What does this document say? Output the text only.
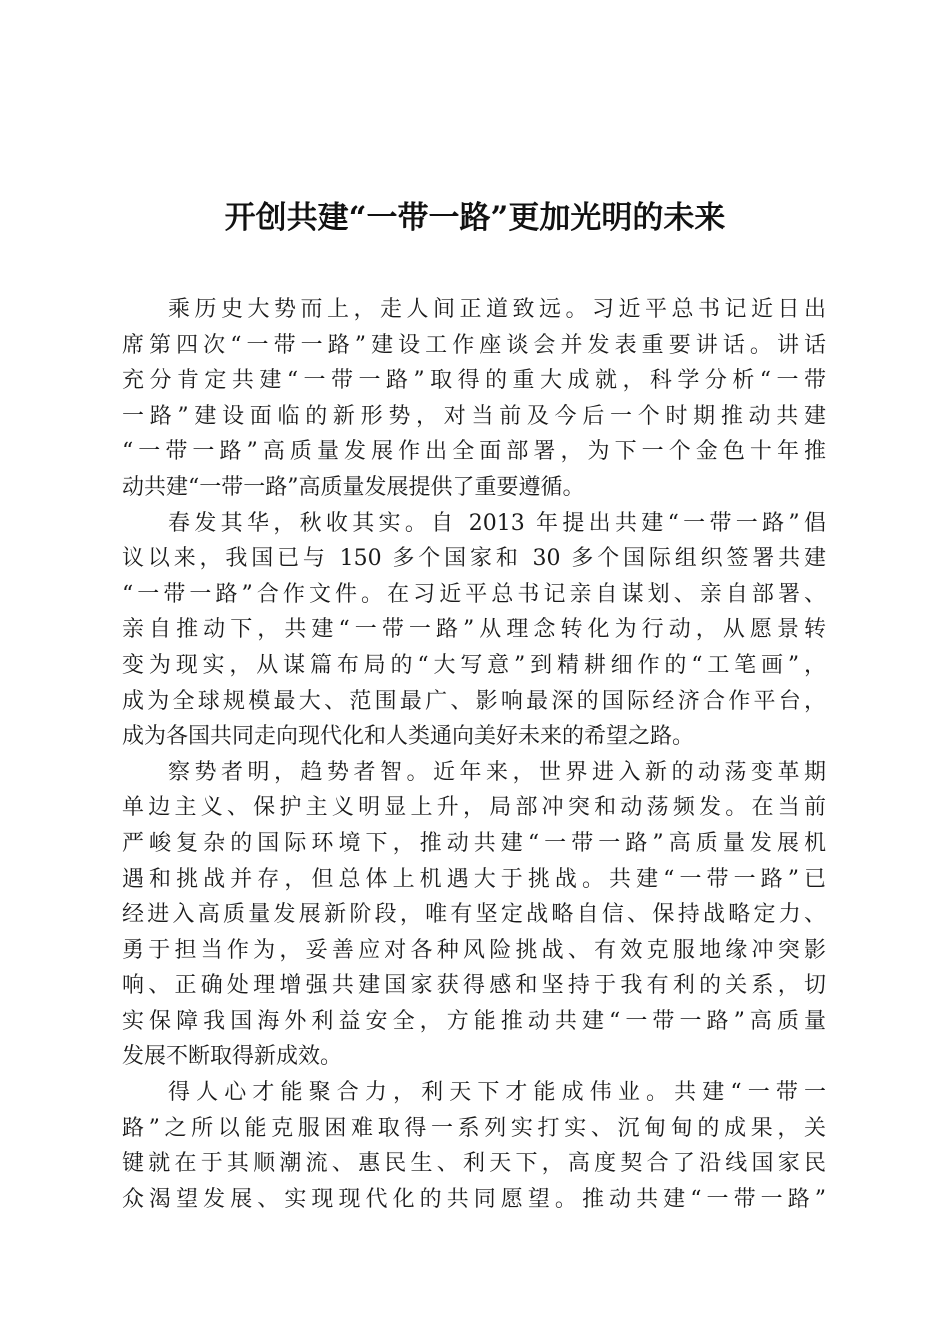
开创共建“一带一路”更加光明的未来
乘历史大势而上，走人间正道致远。习近平总书记近日出
席第四次“一带一路”建设工作座谈会并发表重要讲话。讲话
充分肯定共建“一带一路”取得的重大成就，科学分析“一带
一路”建设面临的新形势，对当前及今后一个时期推动共建
“一带一路”高质量发展作出全面部署，为下一个金色十年推
动共建“一带一路”高质量发展提供了重要遵循。
春发其华，秋收其实。自 2013 年提出共建“一带一路”倡
议以来，我国已与 150 多个国家和 30 多个国际组织签署共建
“一带一路”合作文件。在习近平总书记亲自谋划、亲自部署、
亲自推动下，共建“一带一路”从理念转化为行动，从愿景转
变为现实，从谋篇布局的“大写意”到精耕细作的“工笔画”，
成为全球规模最大、范围最广、影响最深的国际经济合作平台，
成为各国共同走向现代化和人类通向美好未来的希望之路。
察势者明，趋势者智。近年来，世界进入新的动荡变革期
单边主义、保护主义明显上升，局部冲突和动荡频发。在当前
严峻复杂的国际环境下，推动共建“一带一路”高质量发展机
遇和挑战并存，但总体上机遇大于挑战。共建“一带一路”已
经进入高质量发展新阶段，唯有坚定战略自信、保持战略定力、
勇于担当作为，妥善应对各种风险挑战、有效克服地缘冲突影
响、正确处理增强共建国家获得感和坚持于我有利的关系，切
实保障我国海外利益安全，方能推动共建“一带一路”高质量
发展不断取得新成效。
得人心才能聚合力，利天下才能成伟业。共建“一带一
路”之所以能克服困难取得一系列实打实、沉甸甸的成果，关
键就在于其顺潮流、惠民生、利天下，高度契合了沿线国家民
众渴望发展、实现现代化的共同愿望。推动共建“一带一路”
